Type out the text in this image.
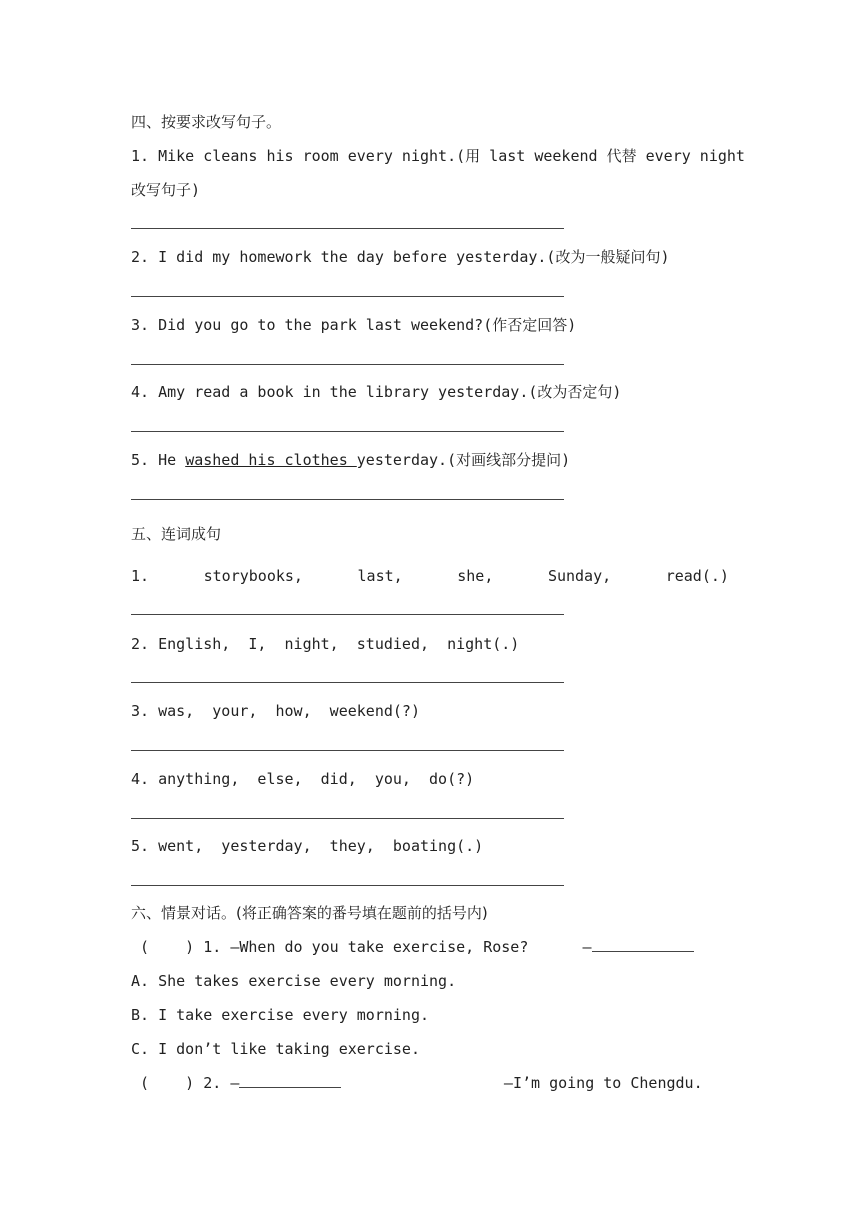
四、按要求改写句子。
1. Mike cleans his room every night.(用 last weekend 代替 every night
改写句子)
2. I did my homework the day before yesterday.(改为一般疑问句)
3. Did you go to the park last weekend?(作否定回答)
4. Amy read a book in the library yesterday.(改为否定句)
5. He washed his clothes yesterday.(对画线部分提问)
五、连词成句
1.	storybooks,	last,	she,	Sunday,	read(.)
2. English,  I,  night,  studied,  night(.)
3. was,  your,  how,  weekend(?)
4. anything,  else,  did,  you,  do(?)
5. went,  yesterday,  they,  boating(.)
六、情景对话。(将正确答案的番号填在题前的括号内)
(    ) 1. —When do you take exercise, Rose?      —
A. She takes exercise every morning.
B. I take exercise every morning.
C. I don’t like taking exercise.
(    ) 2. —	—I’m going to Chengdu.
